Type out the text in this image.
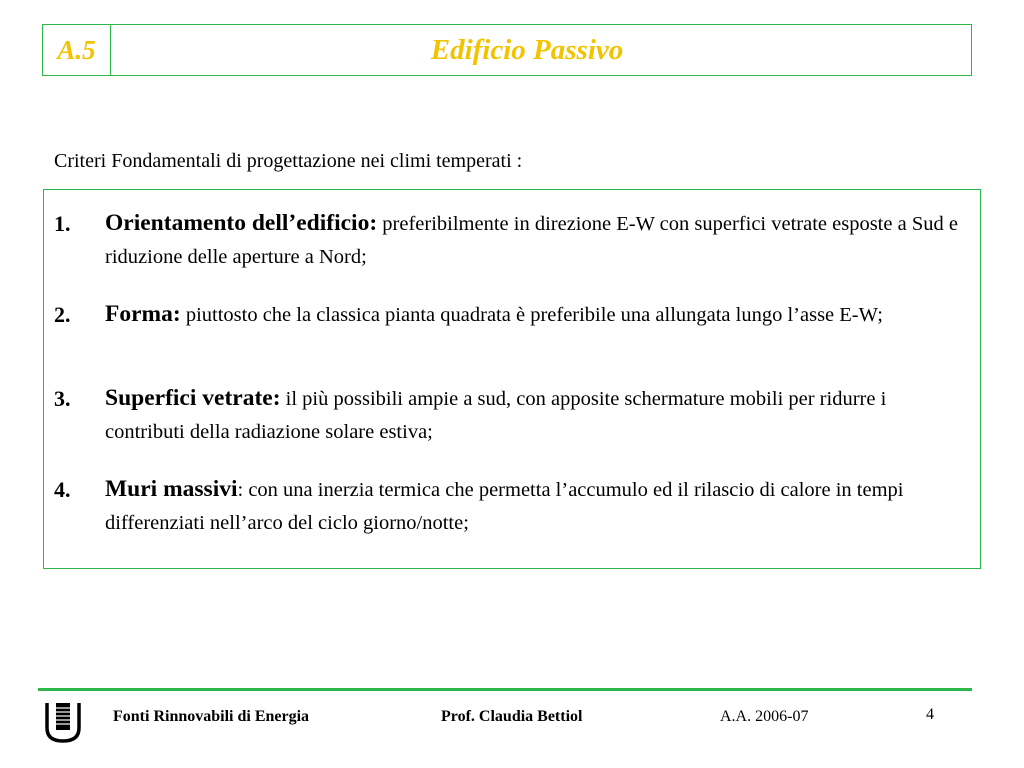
A.5	Edificio Passivo
Criteri Fondamentali di progettazione nei climi temperati :
1. Orientamento dell’edificio: preferibilmente in direzione E-W con superfici vetrate esposte a Sud e riduzione delle aperture a Nord;
2. Forma: piuttosto che la classica pianta quadrata è preferibile una allungata lungo l’asse E-W;
3. Superfici vetrate: il più possibili ampie a sud, con apposite schermature mobili per ridurre i contributi della radiazione solare estiva;
4. Muri massivi: con una inerzia termica che permetta l’accumulo ed il rilascio di calore in tempi differenziati nell’arco del ciclo giorno/notte;
Fonti Rinnovabili di Energia	Prof. Claudia Bettiol	A.A. 2006-07	4
